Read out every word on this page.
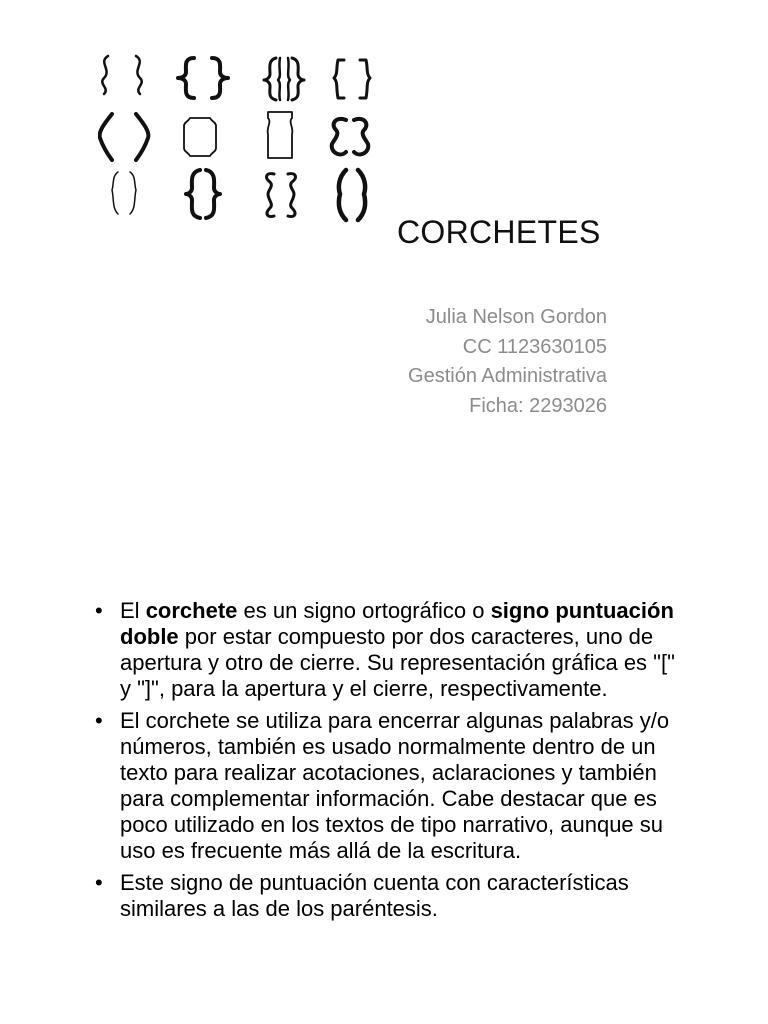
CORCHETES
Julia Nelson Gordon
CC 1123630105
Gestión Administrativa
Ficha: 2293026
• El corchete es un signo ortográfico o signo puntuación doble por estar compuesto por dos caracteres, uno de apertura y otro de cierre. Su representación gráfica es "[" y "]", para la apertura y el cierre, respectivamente.
• El corchete se utiliza para encerrar algunas palabras y/o números, también es usado normalmente dentro de un texto para realizar acotaciones, aclaraciones y también para complementar información. Cabe destacar que es poco utilizado en los textos de tipo narrativo, aunque su uso es frecuente más allá de la escritura.
• Este signo de puntuación cuenta con características similares a las de los paréntesis.
